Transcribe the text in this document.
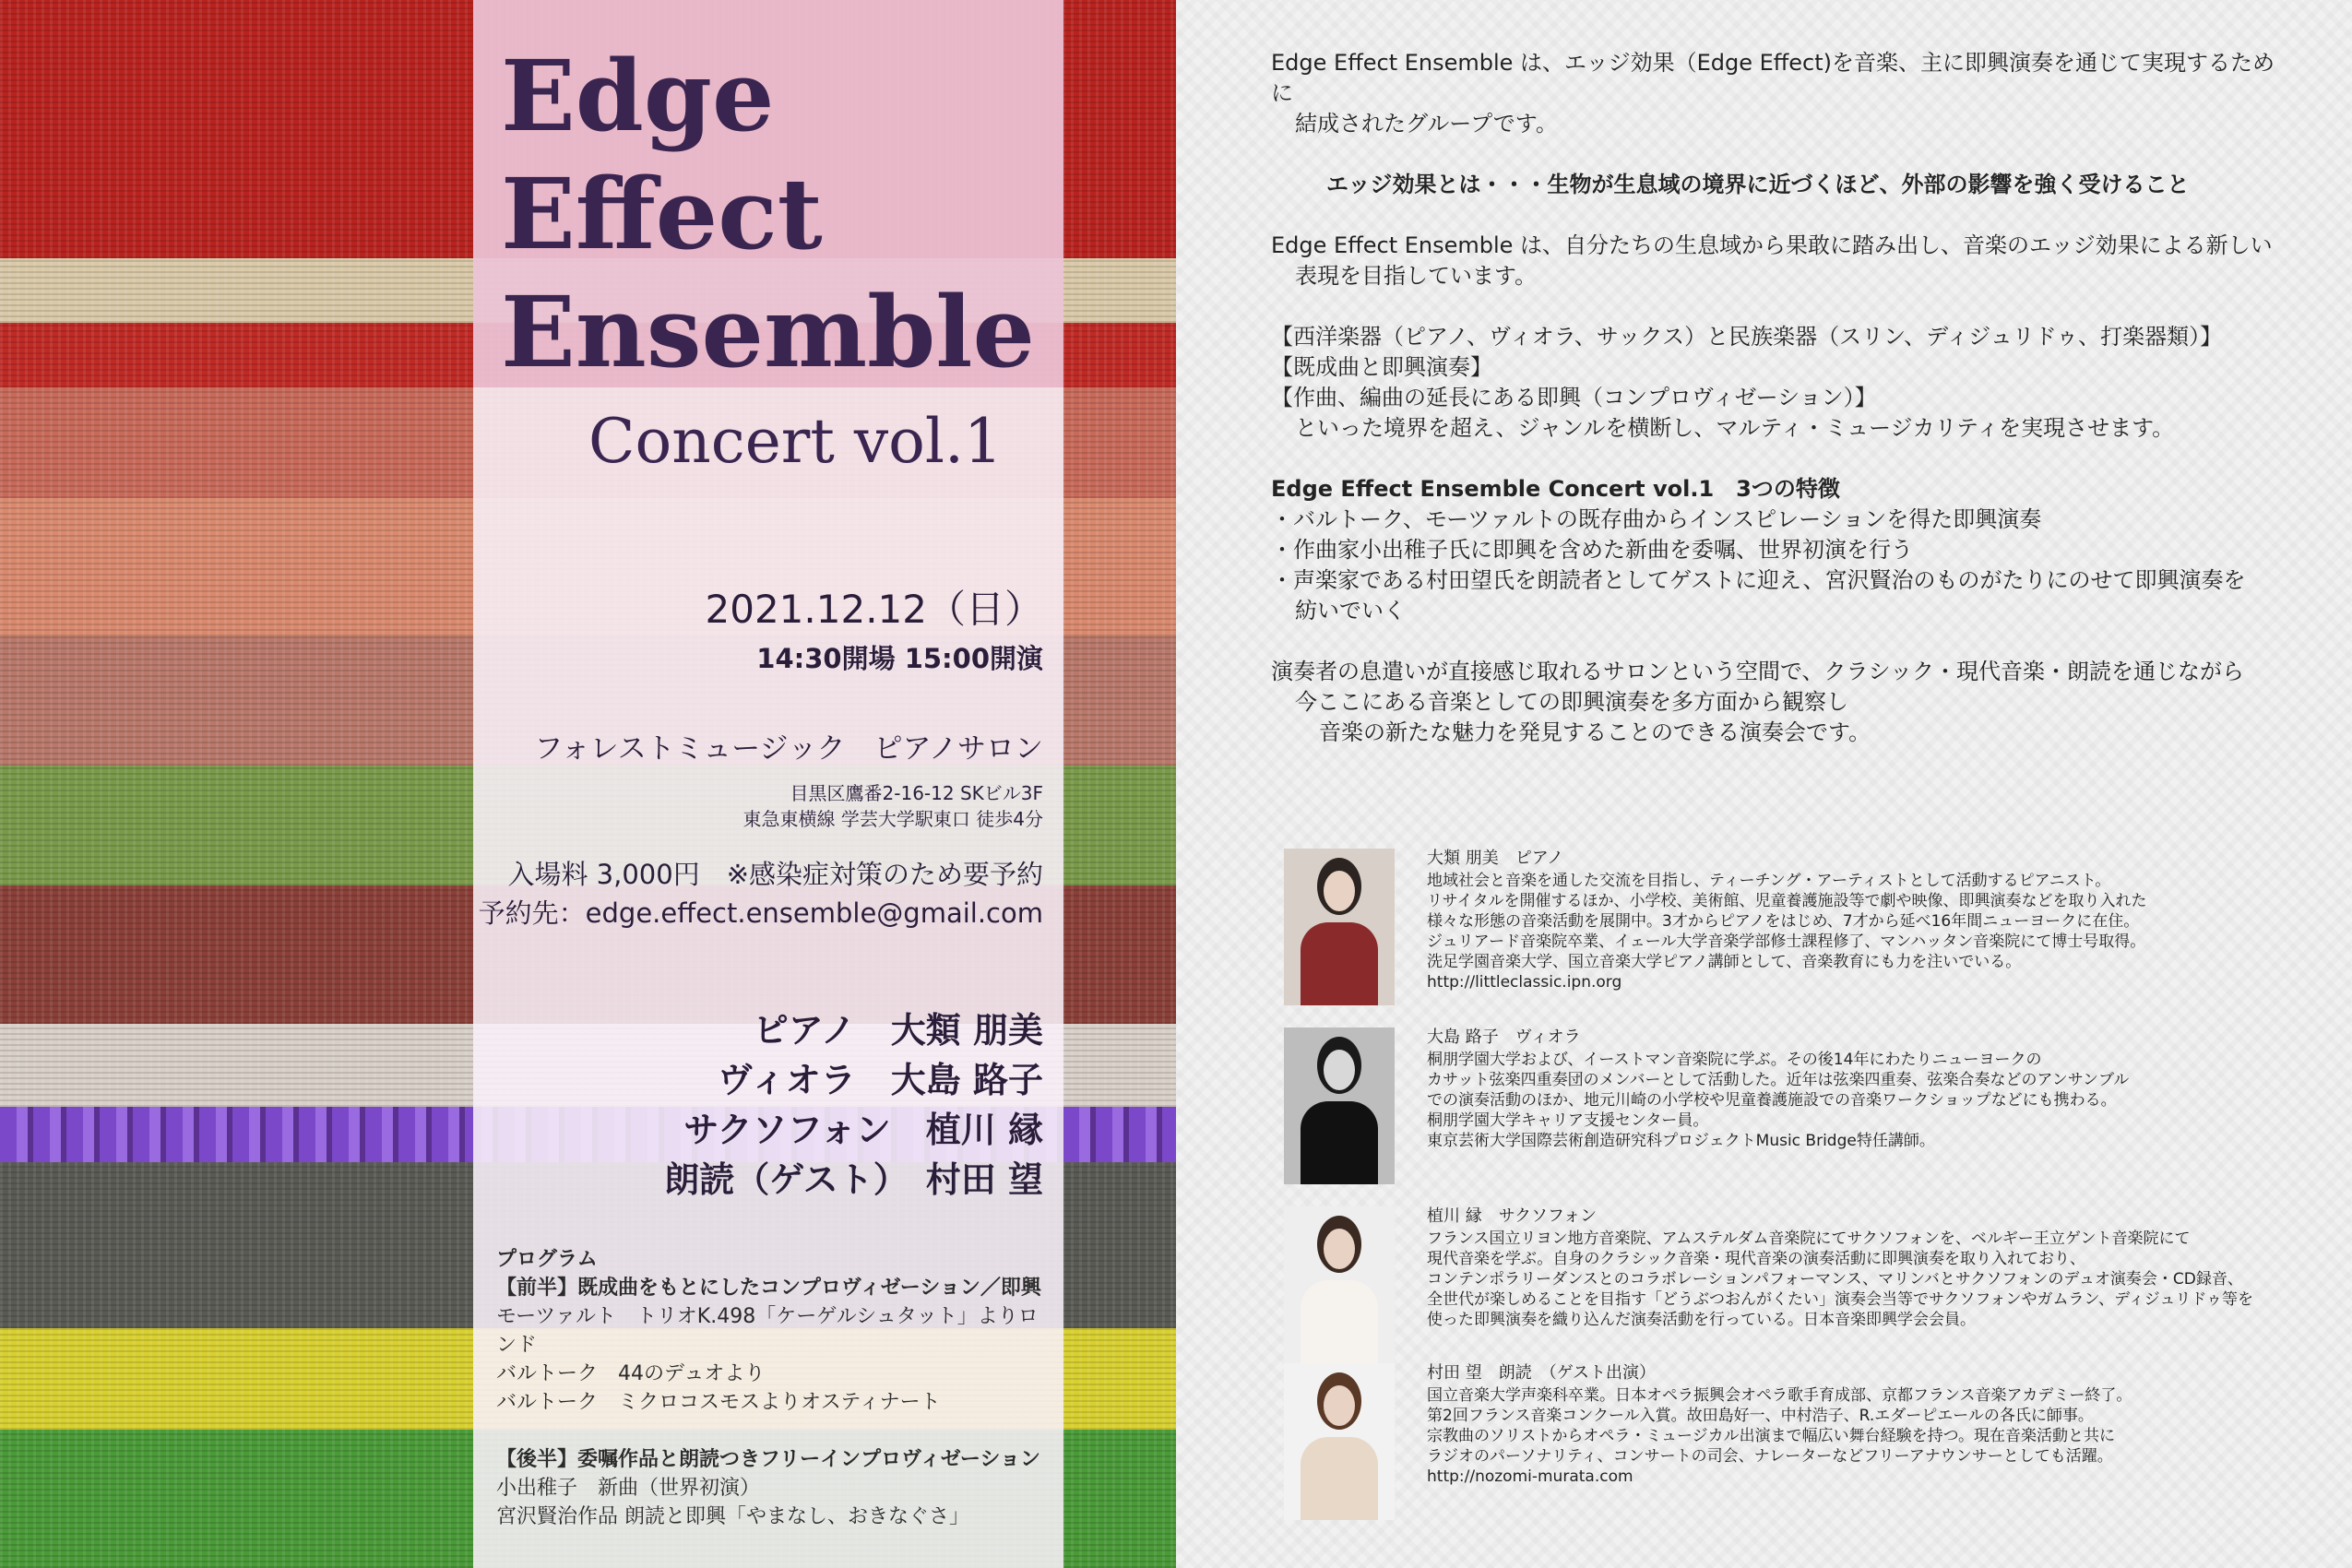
Edge
Effect
Ensemble
Concert vol.1
2021.12.12（日）
14:30開場 15:00開演
フォレストミュージック　ピアノサロン
目黒区鷹番2-16-12 SKビル3F
東急東横線 学芸大学駅東口 徒歩4分
入場料 3,000円　※感染症対策のため要予約
予約先：edge.effect.ensemble@gmail.com
ピアノ　大類 朋美
ヴィオラ　大島 路子
サクソフォン　植川 縁
朗読（ゲスト）　村田 望
プログラム
【前半】既成曲をもとにしたコンプロヴィゼーション／即興
モーツァルト　トリオK.498「ケーゲルシュタット」よりロンド
バルトーク　44のデュオより
バルトーク　ミクロコスモスよりオスティナート
【後半】委嘱作品と朗読つきフリーインプロヴィゼーション
小出稚子　新曲（世界初演）
宮沢賢治作品 朗読と即興「やまなし、おきなぐさ」

Edge Effect Ensemble は、エッジ効果（Edge Effect)を音楽、主に即興演奏を通じて実現するために
結成されたグループです。

エッジ効果とは・・・生物が生息域の境界に近づくほど、外部の影響を強く受けること

Edge Effect Ensemble は、自分たちの生息域から果敢に踏み出し、音楽のエッジ効果による新しい
表現を目指しています。

【西洋楽器（ピアノ、ヴィオラ、サックス）と民族楽器（スリン、ディジュリドゥ、打楽器類）】
【既成曲と即興演奏】
【作曲、編曲の延長にある即興（コンプロヴィゼーション）】
といった境界を超え、ジャンルを横断し、マルティ・ミュージカリティを実現させます。

Edge Effect Ensemble Concert vol.1　3つの特徴
・バルトーク、モーツァルトの既存曲からインスピレーションを得た即興演奏
・作曲家小出稚子氏に即興を含めた新曲を委嘱、世界初演を行う
・声楽家である村田望氏を朗読者としてゲストに迎え、宮沢賢治のものがたりにのせて即興演奏を
紡いでいく

演奏者の息遣いが直接感じ取れるサロンという空間で、クラシック・現代音楽・朗読を通じながら
今ここにある音楽としての即興演奏を多方面から観察し
音楽の新たな魅力を発見することのできる演奏会です。

大類 朋美　ピアノ
地域社会と音楽を通した交流を目指し、ティーチング・アーティストとして活動するピアニスト。
リサイタルを開催するほか、小学校、美術館、児童養護施設等で劇や映像、即興演奏などを取り入れた
様々な形態の音楽活動を展開中。3才からピアノをはじめ、7才から延べ16年間ニューヨークに在住。
ジュリアード音楽院卒業、イェール大学音楽学部修士課程修了、マンハッタン音楽院にて博士号取得。
洗足学園音楽大学、国立音楽大学ピアノ講師として、音楽教育にも力を注いでいる。
http://littleclassic.ipn.org
大島 路子　ヴィオラ
桐朋学園大学および、イーストマン音楽院に学ぶ。その後14年にわたりニューヨークの
カサット弦楽四重奏団のメンバーとして活動した。近年は弦楽四重奏、弦楽合奏などのアンサンブル
での演奏活動のほか、地元川崎の小学校や児童養護施設での音楽ワークショップなどにも携わる。
桐朋学園大学キャリア支援センター員。
東京芸術大学国際芸術創造研究科プロジェクトMusic Bridge特任講師。
植川 縁　サクソフォン
フランス国立リヨン地方音楽院、アムステルダム音楽院にてサクソフォンを、ベルギー王立ゲント音楽院にて
現代音楽を学ぶ。自身のクラシック音楽・現代音楽の演奏活動に即興演奏を取り入れており、
コンテンポラリーダンスとのコラボレーションパフォーマンス、マリンバとサクソフォンのデュオ演奏会・CD録音、
全世代が楽しめることを目指す「どうぶつおんがくたい」演奏会当等でサクソフォンやガムラン、ディジュリドゥ等を
使った即興演奏を織り込んだ演奏活動を行っている。日本音楽即興学会会員。
村田 望　朗読　（ゲスト出演）
国立音楽大学声楽科卒業。日本オペラ振興会オペラ歌手育成部、京都フランス音楽アカデミー終了。
第2回フランス音楽コンクール入賞。故田島好一、中村浩子、R.エダーピエールの各氏に師事。
宗教曲のソリストからオペラ・ミュージカル出演まで幅広い舞台経験を持つ。現在音楽活動と共に
ラジオのパーソナリティ、コンサートの司会、ナレーターなどフリーアナウンサーとしても活躍。
http://nozomi-murata.com
